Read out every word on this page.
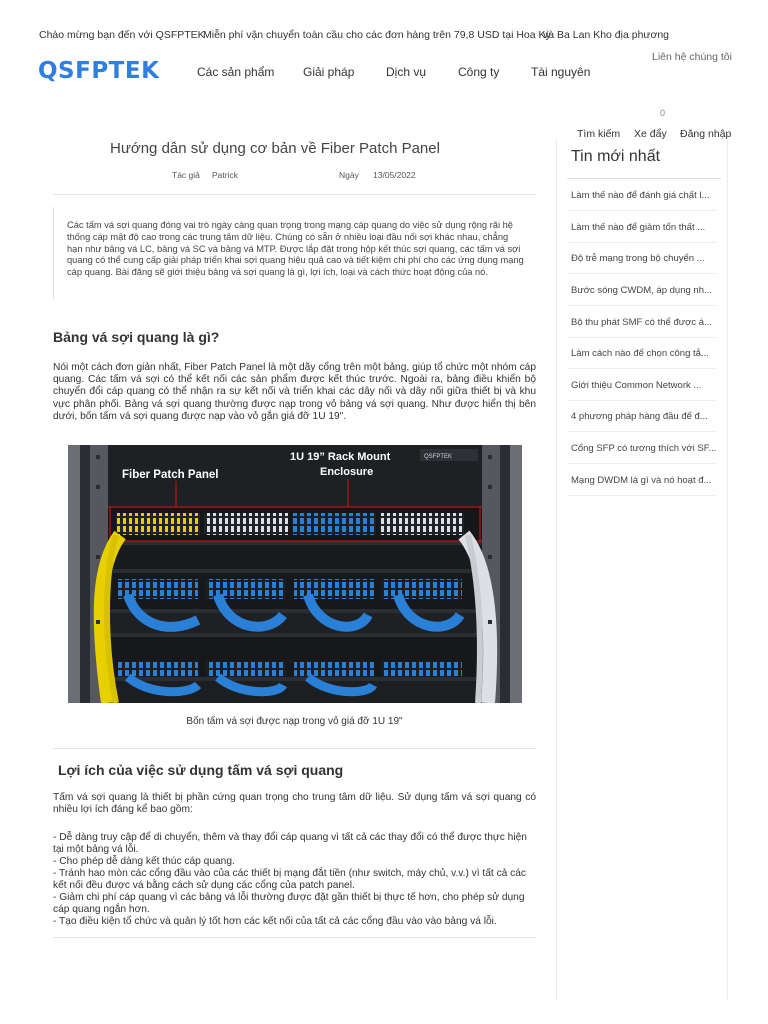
Chào mừng bạn đến với QSFPTEK
Miễn phí vận chuyển toàn cầu cho các đơn hàng trên 79,8 USD tại Hoa Kỳ
và Ba Lan Kho địa phương
QSFPTEK	Các sản phẩm Giải pháp	Dịch vụ	Công ty	Tài nguyên
Liên hệ chúng tôi
0
Tìm kiếm Xe đẩy Đăng nhập
Hướng dẫn sử dụng cơ bản về Fiber Patch Panel
Tác giả Patrick	Ngày 13/05/2022
Các tấm vá sợi quang đóng vai trò ngày càng quan trọng trong mạng cáp quang do việc sử dụng rộng rãi hệ thống cáp mật độ cao trong các trung tâm dữ liệu. Chúng có sẵn ở nhiều loại đầu nối sợi khác nhau, chẳng hạn như bảng vá LC, bảng vá SC và bảng vá MTP. Được lắp đặt trong hộp kết thúc sợi quang, các tấm vá sợi quang có thể cung cấp giải pháp triển khai sợi quang hiệu quả cao và tiết kiệm chi phí cho các ứng dụng mạng cáp quang. Bài đăng sẽ giới thiệu bảng vá sợi quang là gì, lợi ích, loại và cách thức hoạt động của nó.
Bảng vá sợi quang là gì?
Nói một cách đơn giản nhất, Fiber Patch Panel là một dãy cổng trên một bảng, giúp tổ chức một nhóm cáp quang. Các tấm vá sợi có thể kết nối các sản phẩm được kết thúc trước. Ngoài ra, bảng điều khiển bộ chuyển đổi cáp quang có thể nhận ra sự kết nối và triển khai các dây nối và dây nối giữa thiết bị và khu vực phân phối. Bảng vá sợi quang thường được nạp trong vỏ bảng vá sợi quang. Như được hiển thị bên dưới, bốn tấm vá sợi quang được nạp vào vỏ gắn giá đỡ 1U 19".
QSFPTEK
Fiber Patch Panel
1U 19” Rack Mount
Enclosure
Bốn tấm vá sợi được nạp trong vỏ giá đỡ 1U 19"
Lợi ích của việc sử dụng tấm vá sợi quang
Tấm vá sợi quang là thiết bị phần cứng quan trọng cho trung tâm dữ liệu. Sử dụng tấm vá sợi quang có nhiều lợi ích đáng kể bao gồm:
- Dễ dàng truy cập để di chuyển, thêm và thay đổi cáp quang vì tất cả các thay đổi có thể được thực hiện tại một bảng vá lỗi.
- Cho phép dễ dàng kết thúc cáp quang.
- Tránh hao mòn các cổng đầu vào của các thiết bị mạng đắt tiền (như switch, máy chủ, v.v.) vì tất cả các kết nối đều được vá bằng cách sử dụng các cổng của patch panel.
- Giảm chi phí cáp quang vì các bảng vá lỗi thường được đặt gần thiết bị thực tế hơn, cho phép sử dụng cáp quang ngắn hơn.
- Tạo điều kiện tổ chức và quản lý tốt hơn các kết nối của tất cả các cổng đầu vào vào bảng vá lỗi.
Tin mới nhất
Làm thế nào để đánh giá chất l...
Làm thế nào để giảm tổn thất ...
Độ trễ mạng trong bộ chuyển ...
Bước sóng CWDM, áp dụng nh...
Bộ thu phát SMF có thể được á...
Làm cách nào để chọn công tắ...
Giới thiệu Common Network ...
4 phương pháp hàng đầu để đ...
Cổng SFP có tương thích với SF...
Mạng DWDM là gì và nó hoạt đ...
